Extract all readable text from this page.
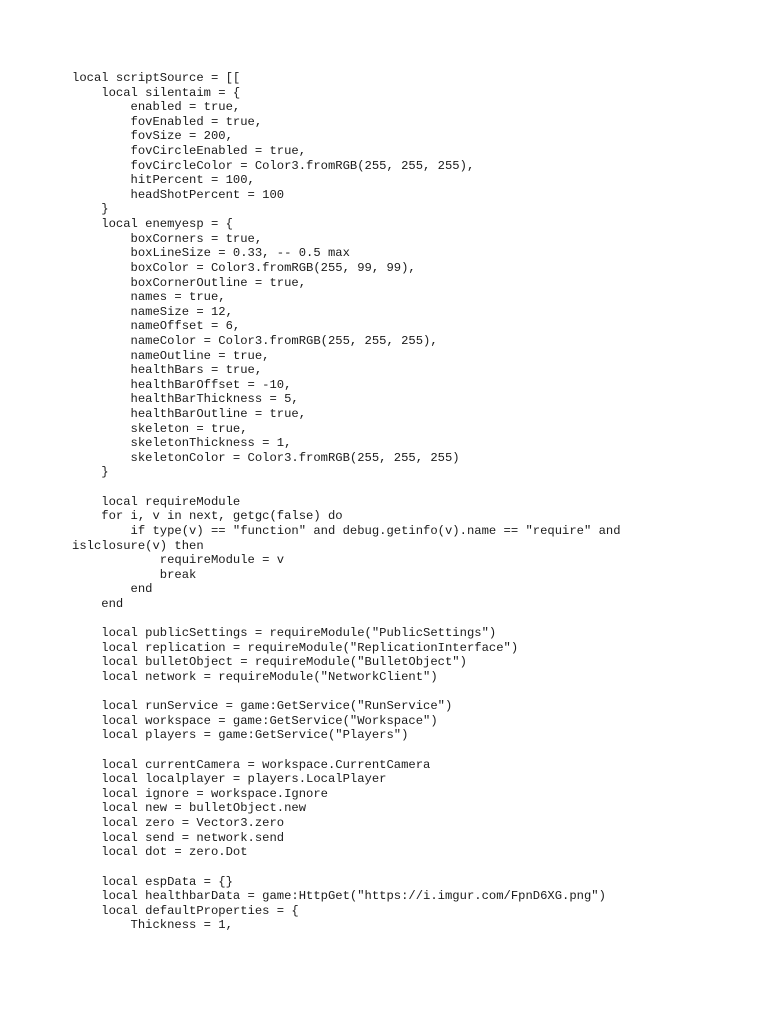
local scriptSource = [[
local silentaim = {
enabled = true,
fovEnabled = true,
fovSize = 200,
fovCircleEnabled = true,
fovCircleColor = Color3.fromRGB(255, 255, 255),
hitPercent = 100,
headShotPercent = 100
}
local enemyesp = {
boxCorners = true,
boxLineSize = 0.33, -- 0.5 max
boxColor = Color3.fromRGB(255, 99, 99),
boxCornerOutline = true,
names = true,
nameSize = 12,
nameOffset = 6,
nameColor = Color3.fromRGB(255, 255, 255),
nameOutline = true,
healthBars = true,
healthBarOffset = -10,
healthBarThickness = 5,
healthBarOutline = true,
skeleton = true,
skeletonThickness = 1,
skeletonColor = Color3.fromRGB(255, 255, 255)
}
local requireModule
for i, v in next, getgc(false) do
if type(v) == "function" and debug.getinfo(v).name == "require" and
islclosure(v) then
requireModule = v
break
end
end
local publicSettings = requireModule("PublicSettings")
local replication = requireModule("ReplicationInterface")
local bulletObject = requireModule("BulletObject")
local network = requireModule("NetworkClient")
local runService = game:GetService("RunService")
local workspace = game:GetService("Workspace")
local players = game:GetService("Players")
local currentCamera = workspace.CurrentCamera
local localplayer = players.LocalPlayer
local ignore = workspace.Ignore
local new = bulletObject.new
local zero = Vector3.zero
local send = network.send
local dot = zero.Dot
local espData = {}
local healthbarData = game:HttpGet("https://i.imgur.com/FpnD6XG.png")
local defaultProperties = {
Thickness = 1,
